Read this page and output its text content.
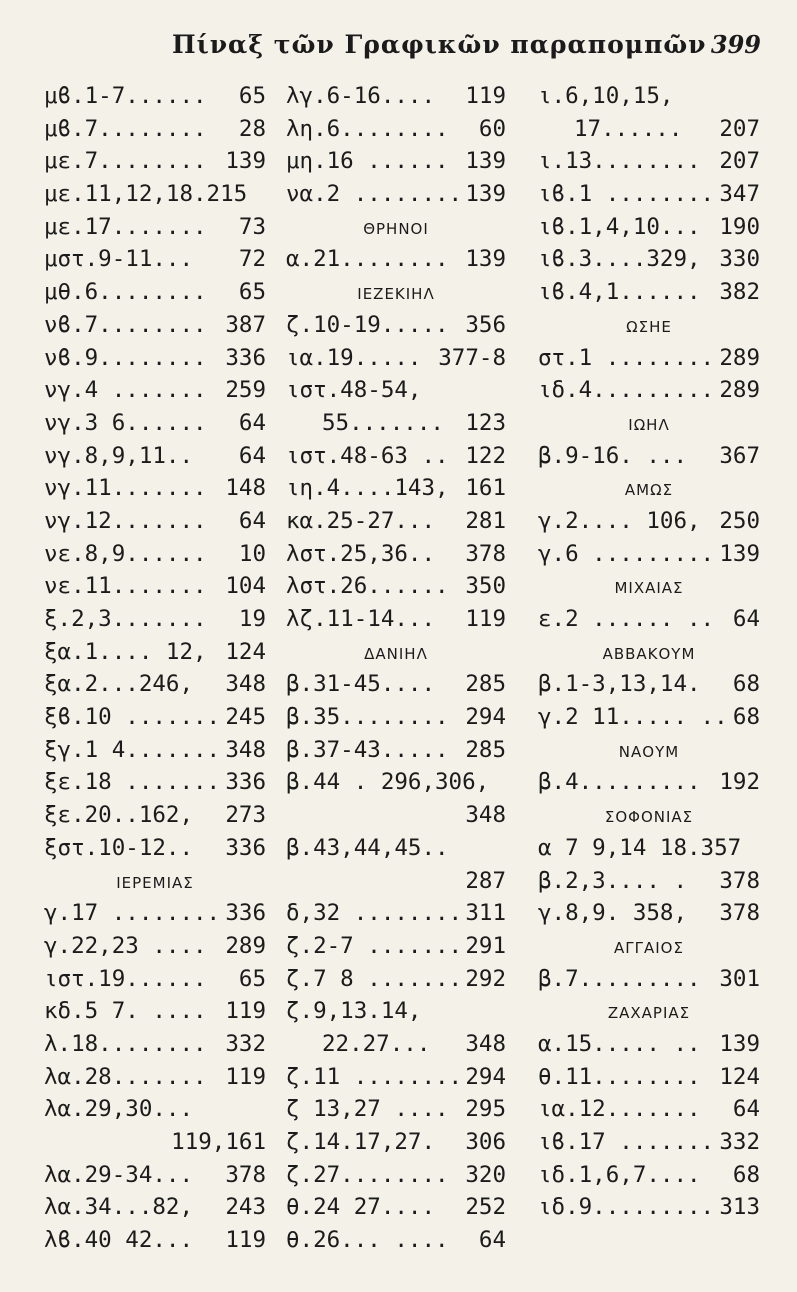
Πίναξ τῶν Γραφικῶν παραπομπῶν 399
μϐ.1-7...... 65
μϐ.7........ 28
με.7........ 139
με.11,12,18.215
με.17....... 73
μστ.9-11... 72
μθ.6........ 65
νϐ.7........ 387
νϐ.9........ 336
νγ.4 ....... 259
νγ.3 6...... 64
νγ.8,9,11.. 64
νγ.11....... 148
νγ.12....... 64
νε.8,9...... 10
νε.11....... 104
ξ.2,3....... 19
ξα.1.... 12, 124
ξα.2...246, 348
ξϐ.10 ....... 245
ξγ.1 4....... 348
ξε.18 ....... 336
ξε.20..162, 273
ξστ.10-12.. 336
ΙΕΡΕΜΙΑΣ
γ.17 ........ 336
γ.22,23 .... 289
ιστ.19...... 65
κδ.5 7. .... 119
λ.18........ 332
λα.28....... 119
λα.29,30...
119,161
λα.29-34... 378
λα.34...82, 243
λϐ.40 42... 119
λγ.6-16.... 119
λη.6........ 60
μη.16 ...... 139
να.2 ........ 139
ΘΡΗΝΟΙ
α.21........ 139
ΙΕΖΕΚΙΗΛ
ζ.10-19..... 356
ια.19..... 377-8
ιστ.48-54,
55....... 123
ιστ.48-63 .. 122
ιη.4....143, 161
κα.25-27... 281
λστ.25,36.. 378
λστ.26...... 350
λζ.11-14... 119
ΔΑΝΙΗΛ
β.31-45.... 285
β.35........ 294
β.37-43..... 285
β.44 . 296,306,
348
β.43,44,45..
287
δ,32 ........ 311
ζ.2-7 ....... 291
ζ.7 8 ........
292
ζ.9,13.14,
22.27... 348
ζ.11 ........ 294
ζ 13,27 .... 295
ζ.14.17,27. 306
ζ.27........ 320
θ.24 27.... 252
θ.26... .... 64
ι.6,10,15,
17...... 207
ι.13........ 207
ιϐ.1 ........ 347
ιϐ.1,4,10... 190
ιϐ.3....329, 330
ιϐ.4,1...... 382
ΩΣΗΕ
στ.1 ........ 289
ιδ.4......... 289
ΙΩΗΛ
β.9-16. ... 367
ΑΜΩΣ
γ.2.... 106, 250
γ.6 ......... 139
ΜΙΧΑΙΑΣ
ε.2 ...... .. 64
ΑΒΒΑΚΟΥΜ
β.1-3,13,14. 68
γ.2 11..... .. 68
ΝΑΟΥΜ
β.4......... 192
ΣΟΦΟΝΙΑΣ
α 7 9,14 18.357
β.2,3.... . 378
γ.8,9. 358, 378
ΑΓΓΑΙΟΣ
β.7......... 301
ΖΑΧΑΡΙΑΣ
α.15..... .. 139
θ.11........ 124
ια.12....... 64
ιϐ.17 ....... 332
ιδ.1,6,7.... 68
ιδ.9......... 313
